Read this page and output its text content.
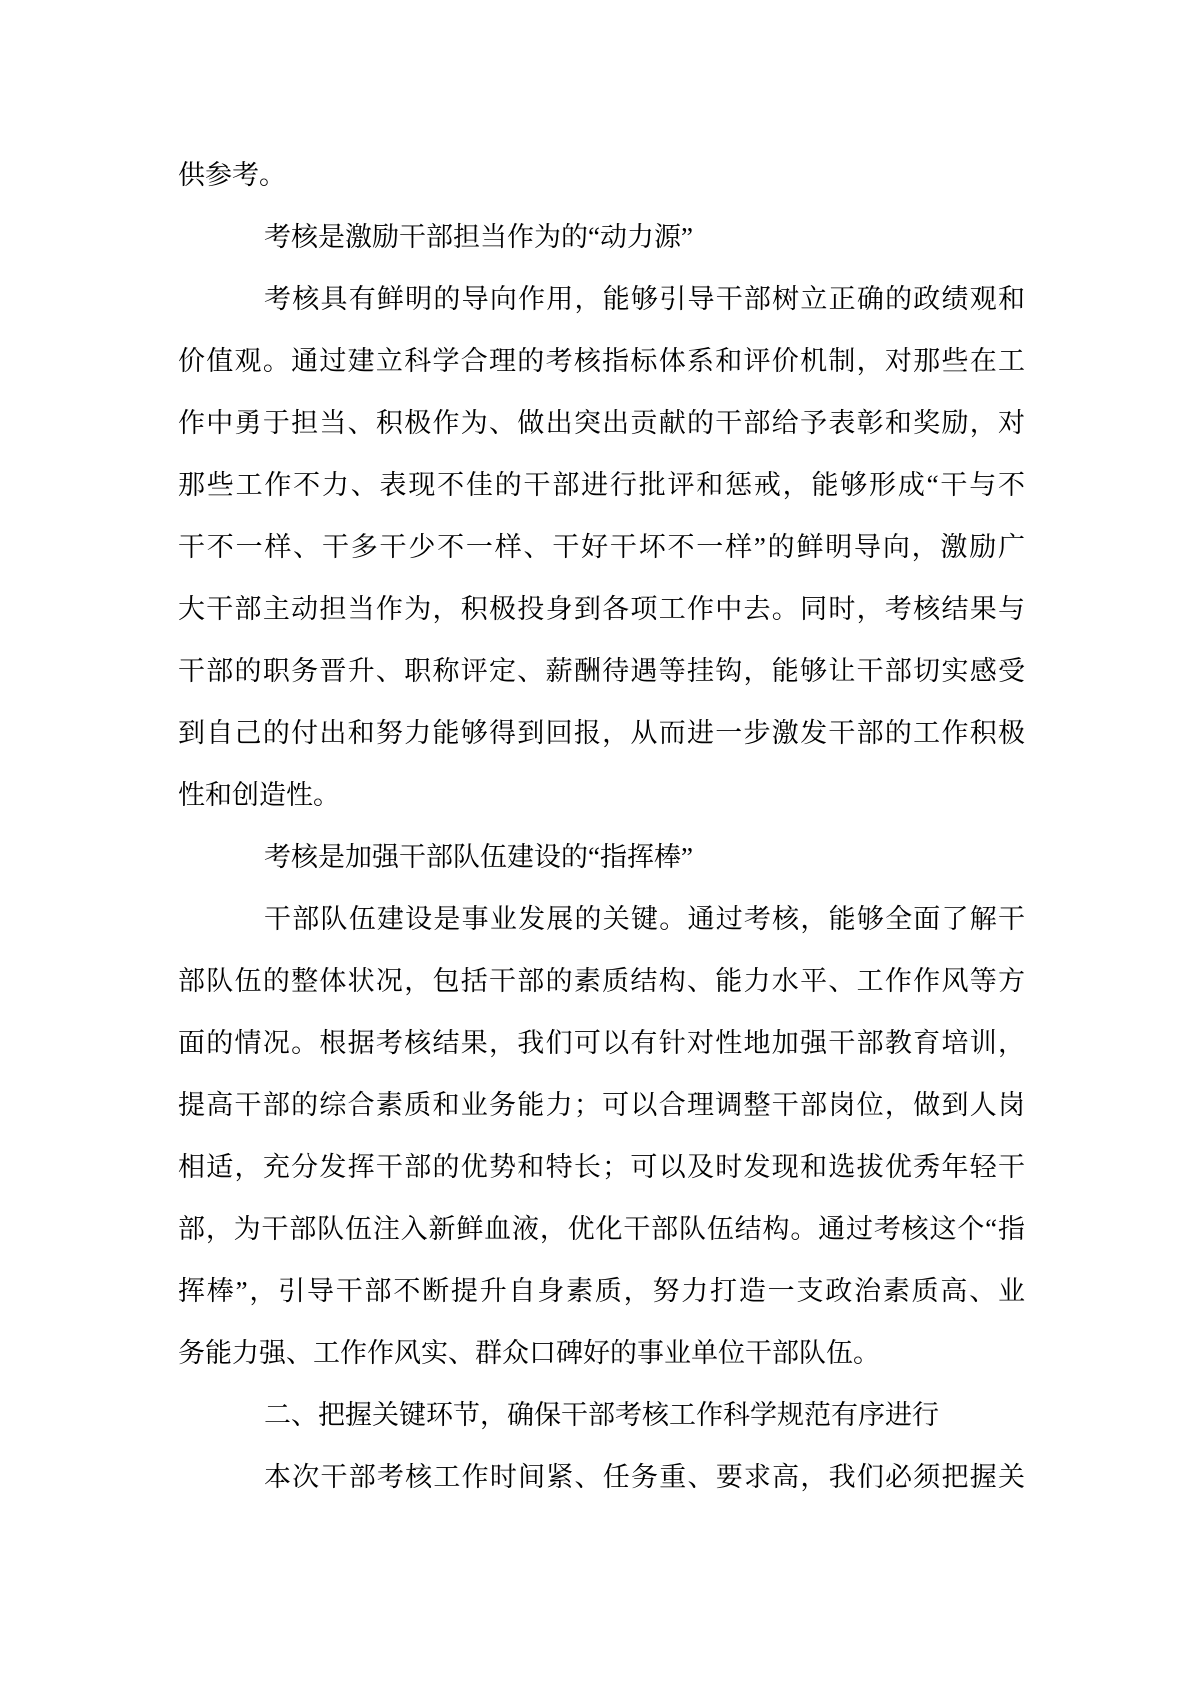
供参考。
考核是激励干部担当作为的“动力源”
考核具有鲜明的导向作用，能够引导干部树立正确的政绩观和
价值观。通过建立科学合理的考核指标体系和评价机制，对那些在工
作中勇于担当、积极作为、做出突出贡献的干部给予表彰和奖励，对
那些工作不力、表现不佳的干部进行批评和惩戒，能够形成“干与不
干不一样、干多干少不一样、干好干坏不一样”的鲜明导向，激励广
大干部主动担当作为，积极投身到各项工作中去。同时，考核结果与
干部的职务晋升、职称评定、薪酬待遇等挂钩，能够让干部切实感受
到自己的付出和努力能够得到回报，从而进一步激发干部的工作积极
性和创造性。
考核是加强干部队伍建设的“指挥棒”
干部队伍建设是事业发展的关键。通过考核，能够全面了解干
部队伍的整体状况，包括干部的素质结构、能力水平、工作作风等方
面的情况。根据考核结果，我们可以有针对性地加强干部教育培训，
提高干部的综合素质和业务能力；可以合理调整干部岗位，做到人岗
相适，充分发挥干部的优势和特长；可以及时发现和选拔优秀年轻干
部，为干部队伍注入新鲜血液，优化干部队伍结构。通过考核这个“指
挥棒”，引导干部不断提升自身素质，努力打造一支政治素质高、业
务能力强、工作作风实、群众口碑好的事业单位干部队伍。
二、把握关键环节，确保干部考核工作科学规范有序进行
本次干部考核工作时间紧、任务重、要求高，我们必须把握关
